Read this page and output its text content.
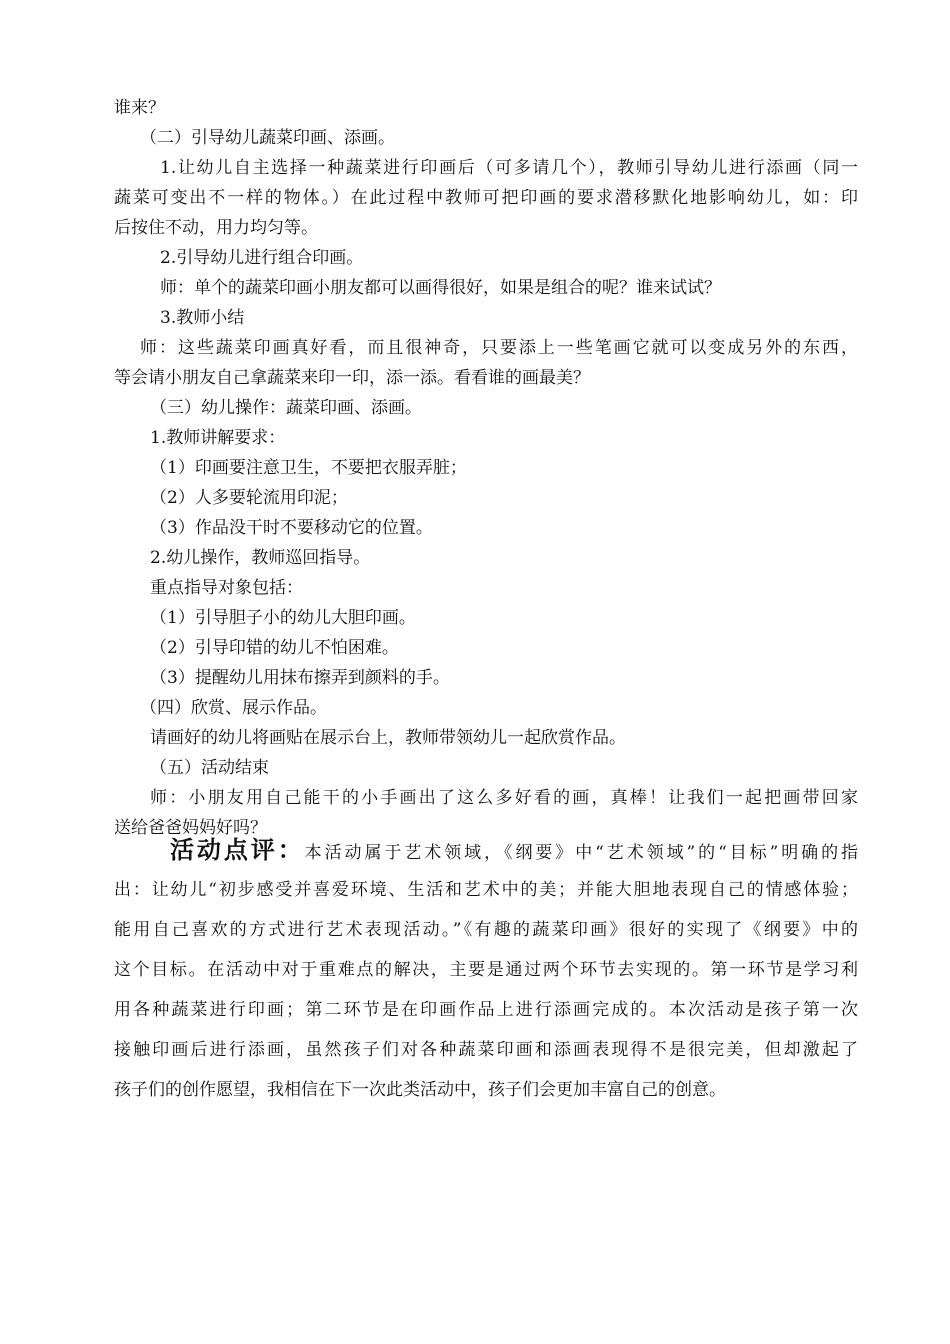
谁来？
（二）引导幼儿蔬菜印画、添画。
1.让幼儿自主选择一种蔬菜进行印画后（可多请几个），教师引导幼儿进行添画（同一
蔬菜可变出不一样的物体。）在此过程中教师可把印画的要求潜移默化地影响幼儿，如：印
后按住不动，用力均匀等。
2.引导幼儿进行组合印画。
师：单个的蔬菜印画小朋友都可以画得很好，如果是组合的呢？谁来试试？
3.教师小结
师：这些蔬菜印画真好看，而且很神奇，只要添上一些笔画它就可以变成另外的东西，
等会请小朋友自己拿蔬菜来印一印，添一添。看看谁的画最美？
（三）幼儿操作：蔬菜印画、添画。
1.教师讲解要求：
（1）印画要注意卫生，不要把衣服弄脏；
（2）人多要轮流用印泥；
（3）作品没干时不要移动它的位置。
2.幼儿操作，教师巡回指导。
重点指导对象包括：
（1）引导胆子小的幼儿大胆印画。
（2）引导印错的幼儿不怕困难。
（3）提醒幼儿用抹布擦弄到颜料的手。
（四）欣赏、展示作品。
请画好的幼儿将画贴在展示台上，教师带领幼儿一起欣赏作品。
（五）活动结束
师：小朋友用自己能干的小手画出了这么多好看的画，真棒！让我们一起把画带回家
送给爸爸妈妈好吗？
活动点评：本活动属于艺术领域，《纲要》中“艺术领域”的“目标”明确的指
出：让幼儿“初步感受并喜爱环境、生活和艺术中的美；并能大胆地表现自己的情感体验；
能用自己喜欢的方式进行艺术表现活动。”《有趣的蔬菜印画》很好的实现了《纲要》中的
这个目标。在活动中对于重难点的解决，主要是通过两个环节去实现的。第一环节是学习利
用各种蔬菜进行印画；第二环节是在印画作品上进行添画完成的。本次活动是孩子第一次
接触印画后进行添画，虽然孩子们对各种蔬菜印画和添画表现得不是很完美，但却激起了
孩子们的创作愿望，我相信在下一次此类活动中，孩子们会更加丰富自己的创意。
